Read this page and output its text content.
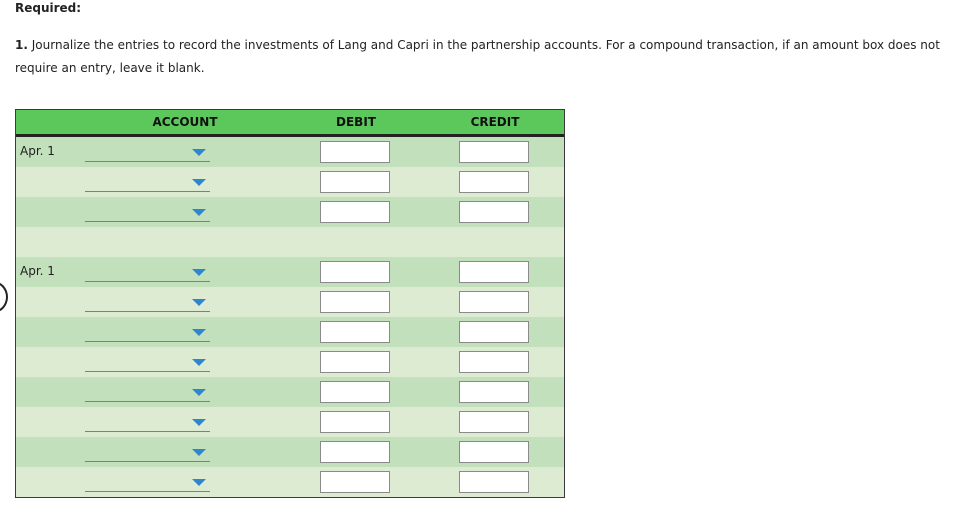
Required:
1. Journalize the entries to record the investments of Lang and Capri in the partnership accounts. For a compound transaction, if an amount box does not require an entry, leave it blank.
ACCOUNT	DEBIT	CREDIT
Apr. 1
Apr. 1
